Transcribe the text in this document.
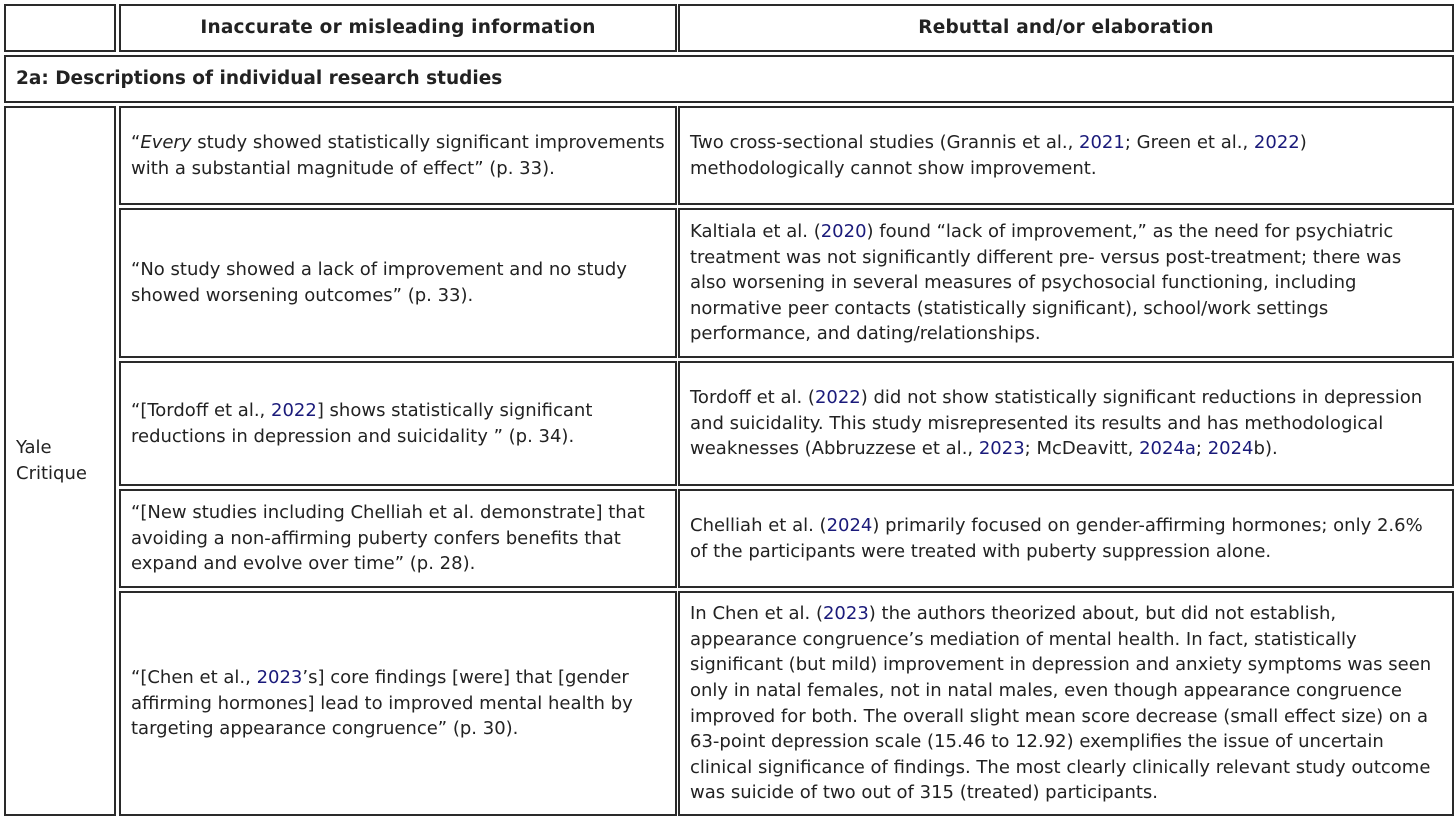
Inaccurate or misleading information	Rebuttal and/or elaboration
2a: Descriptions of individual research studies
Yale
Critique
“Every study showed statistically significant improvements with a substantial magnitude of effect” (p. 33).
Two cross-sectional studies (Grannis et al., 2021; Green et al., 2022) methodologically cannot show improvement.
“No study showed a lack of improvement and no study showed worsening outcomes” (p. 33).
Kaltiala et al. (2020) found “lack of improvement,” as the need for psychiatric treatment was not significantly different pre- versus post-treatment; there was also worsening in several measures of psychosocial functioning, including normative peer contacts (statistically significant), school/work settings performance, and dating/relationships.
“[Tordoff et al., 2022] shows statistically significant reductions in depression and suicidality ” (p. 34).
Tordoff et al. (2022) did not show statistically significant reductions in depression and suicidality. This study misrepresented its results and has methodological weaknesses (Abbruzzese et al., 2023; McDeavitt, 2024a; 2024b).
“[New studies including Chelliah et al. demonstrate] that avoiding a non-affirming puberty confers benefits that expand and evolve over time” (p. 28).
Chelliah et al. (2024) primarily focused on gender-affirming hormones; only 2.6% of the participants were treated with puberty suppression alone.
“[Chen et al., 2023’s] core findings [were] that [gender affirming hormones] lead to improved mental health by targeting appearance congruence” (p. 30).
In Chen et al. (2023) the authors theorized about, but did not establish, appearance congruence’s mediation of mental health. In fact, statistically significant (but mild) improvement in depression and anxiety symptoms was seen only in natal females, not in natal males, even though appearance congruence improved for both. The overall slight mean score decrease (small effect size) on a 63-point depression scale (15.46 to 12.92) exemplifies the issue of uncertain clinical significance of findings. The most clearly clinically relevant study outcome was suicide of two out of 315 (treated) participants.
